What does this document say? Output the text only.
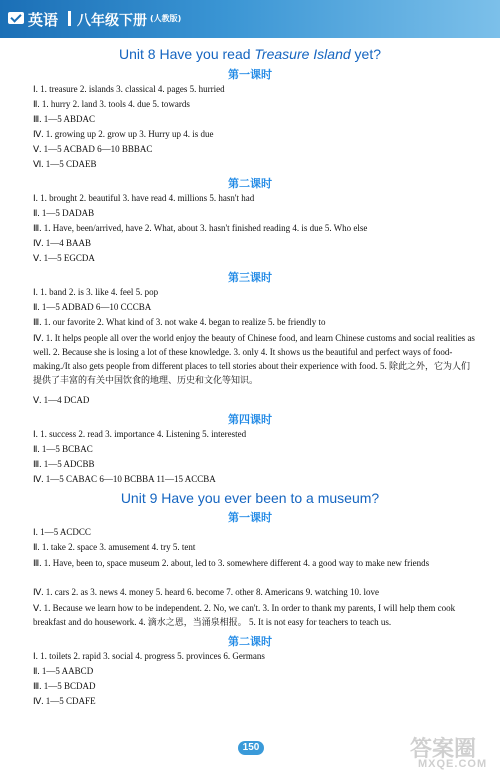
英语 八年级下册 (人教版)
Unit 8 Have you read Treasure Island yet?
第一课时
Ⅰ. 1. treasure 2. islands 3. classical 4. pages 5. hurried
Ⅱ. 1. hurry 2. land 3. tools 4. due 5. towards
Ⅲ. 1—5 ABDAC
Ⅳ. 1. growing up 2. grow up 3. Hurry up 4. is due
Ⅴ. 1—5 ACBAD 6—10 BBBAC
Ⅵ. 1—5 CDAEB
第二课时
Ⅰ. 1. brought 2. beautiful 3. have read 4. millions 5. hasn't had
Ⅱ. 1—5 DADAB
Ⅲ. 1. Have, been/arrived, have 2. What, about 3. hasn't finished reading 4. is due 5. Who else
Ⅳ. 1—4 BAAB
Ⅴ. 1—5 EGCDA
第三课时
Ⅰ. 1. band 2. is 3. like 4. feel 5. pop
Ⅱ. 1—5 ADBAD 6—10 CCCBA
Ⅲ. 1. our favorite 2. What kind of 3. not wake 4. began to realize 5. be friendly to
Ⅳ. 1. It helps people all over the world enjoy the beauty of Chinese food, and learn Chinese customs and social realities as well. 2. Because she is losing a lot of these knowledge. 3. only 4. It shows us the beautiful and perfect ways of food-making./It also gets people from different places to tell stories about their experience with food. 5. 除此之外，它为人们提供了丰富的有关中国饮食的地理、历史和文化等知识。
Ⅴ. 1—4 DCAD
第四课时
Ⅰ. 1. success 2. read 3. importance 4. Listening 5. interested
Ⅱ. 1—5 BCBAC
Ⅲ. 1—5 ADCBB
Ⅳ. 1—5 CABAC 6—10 BCBBA 11—15 ACCBA
Unit 9 Have you ever been to a museum?
第一课时
Ⅰ. 1—5 ACDCC
Ⅱ. 1. take 2. space 3. amusement 4. try 5. tent
Ⅲ. 1. Have, been to, space museum 2. about, led to 3. somewhere different 4. a good way to make new friends
Ⅳ. 1. cars 2. as 3. news 4. money 5. heard 6. become 7. other 8. Americans 9. watching 10. love
Ⅴ. 1. Because we learn how to be independent. 2. No, we can't. 3. In order to thank my parents, I will help them cook breakfast and do housework. 4. 滴水之恩，当涌泉相报。 5. It is not easy for teachers to teach us.
第二课时
Ⅰ. 1. toilets 2. rapid 3. social 4. progress 5. provinces 6. Germans
Ⅱ. 1—5 AABCD
Ⅲ. 1—5 BCDAD
Ⅳ. 1—5 CDAFE
150	答案圈
MXQE.COM
